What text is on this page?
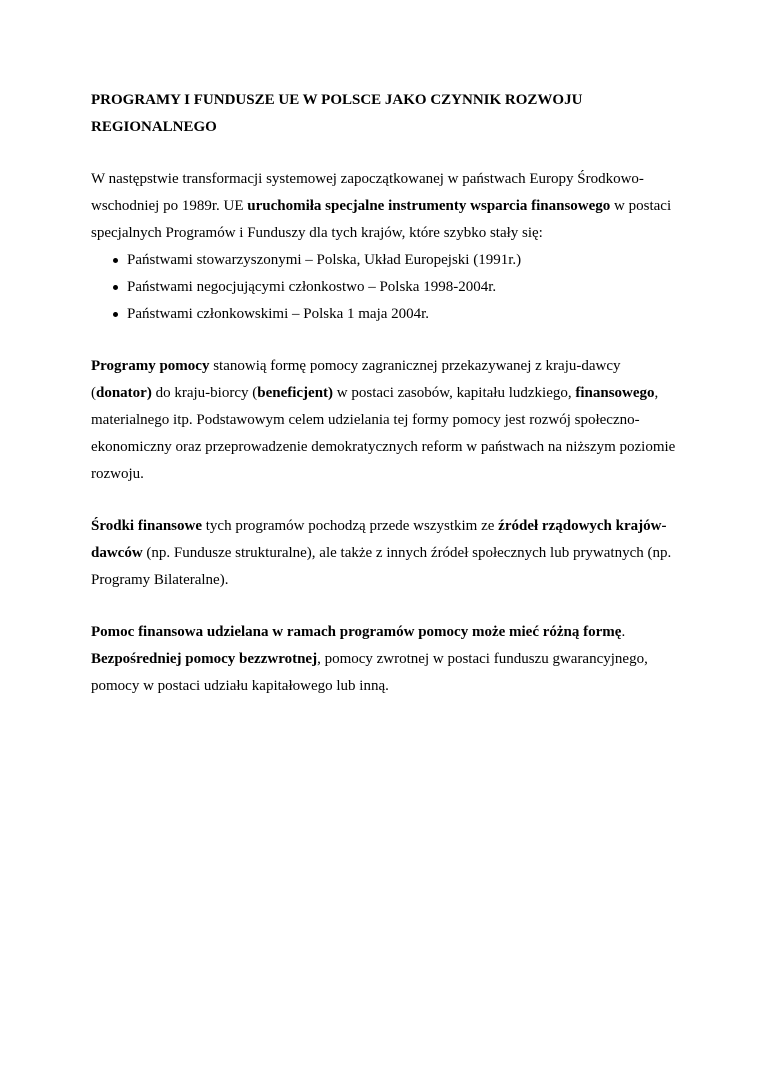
PROGRAMY I FUNDUSZE UE W POLSCE JAKO CZYNNIK ROZWOJU REGIONALNEGO

W następstwie transformacji systemowej zapoczątkowanej w państwach Europy Środkowo-wschodniej po 1989r. UE uruchomiła specjalne instrumenty wsparcia finansowego w postaci specjalnych Programów i Funduszy dla tych krajów, które szybko stały się:

Państwami stowarzyszonymi – Polska, Układ Europejski (1991r.)
Państwami negocjującymi członkostwo – Polska 1998-2004r.
Państwami członkowskimi – Polska 1 maja 2004r.

Programy pomocy stanowią formę pomocy zagranicznej przekazywanej z kraju-dawcy (donator) do kraju-biorcy (beneficjent) w postaci zasobów, kapitału ludzkiego, finansowego, materialnego itp. Podstawowym celem udzielania tej formy pomocy jest rozwój społeczno-ekonomiczny oraz przeprowadzenie demokratycznych reform w państwach na niższym poziomie rozwoju.

Środki finansowe tych programów pochodzą przede wszystkim ze źródeł rządowych krajów-dawców (np. Fundusze strukturalne), ale także z innych źródeł społecznych lub prywatnych (np. Programy Bilateralne).

Pomoc finansowa udzielana w ramach programów pomocy może mieć różną formę. Bezpośredniej pomocy bezzwrotnej, pomocy zwrotnej w postaci funduszu gwarancyjnego, pomocy w postaci udziału kapitałowego lub inną.
